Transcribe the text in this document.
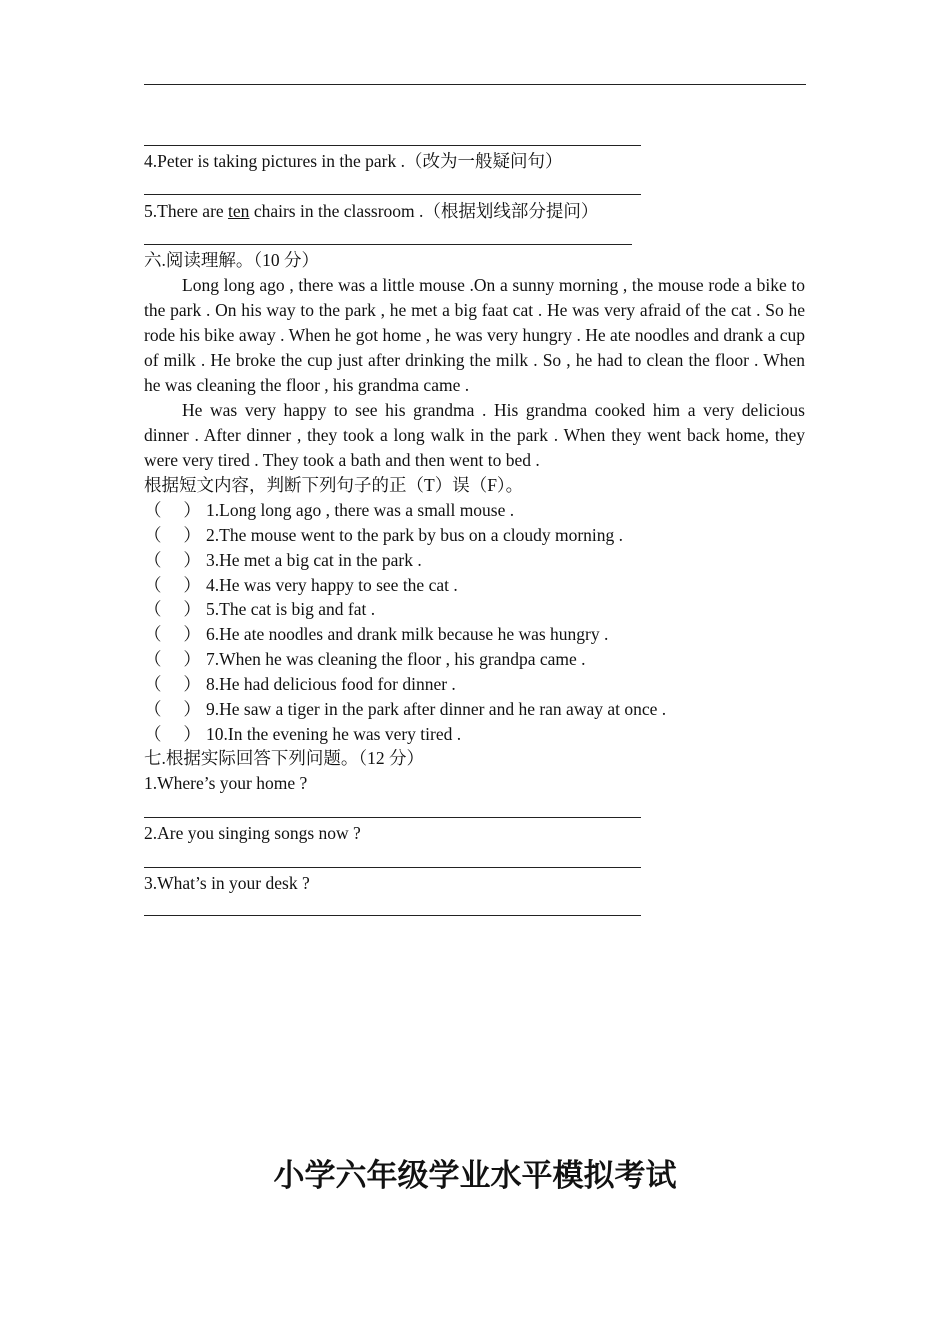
4.Peter is taking pictures in the park .（改为一般疑问句）
5.There are ten chairs in the classroom .（根据划线部分提问）
六.阅读理解。（10 分）
Long long ago , there was a little mouse .On a sunny morning , the mouse rode a bike to the park . On his way to the park , he met a big faat cat . He was very afraid of the cat . So he rode his bike away . When he got home , he was very hungry . He ate noodles and drank a cup of milk . He broke the cup just after drinking the milk . So , he had to clean the floor . When he was cleaning the floor , his grandma came .
He was very happy to see his grandma . His grandma cooked him a very delicious dinner . After dinner , they took a long walk in the park . When they went back home, they were very tired . They took a bath and then went to bed .
根据短文内容，判断下列句子的正（T）误（F）。
（　 ） 1.Long long ago , there was a small mouse .
（　 ） 2.The mouse went to the park by bus on a cloudy morning .
（　 ） 3.He met a big cat in the park .
（　 ） 4.He was very happy to see the cat .
（　 ） 5.The cat is big and fat .
（　 ） 6.He ate noodles and drank milk because he was hungry .
（　 ） 7.When he was cleaning the floor , his grandpa came .
（　 ） 8.He had delicious food for dinner .
（　 ） 9.He saw a tiger in the park after dinner and he ran away at once .
（　 ） 10.In the evening he was very tired .
七.根据实际回答下列问题。（12 分）
1.Where’s your home ?
2.Are you singing songs now ?
3.What’s in your desk ?
小学六年级学业水平模拟考试
